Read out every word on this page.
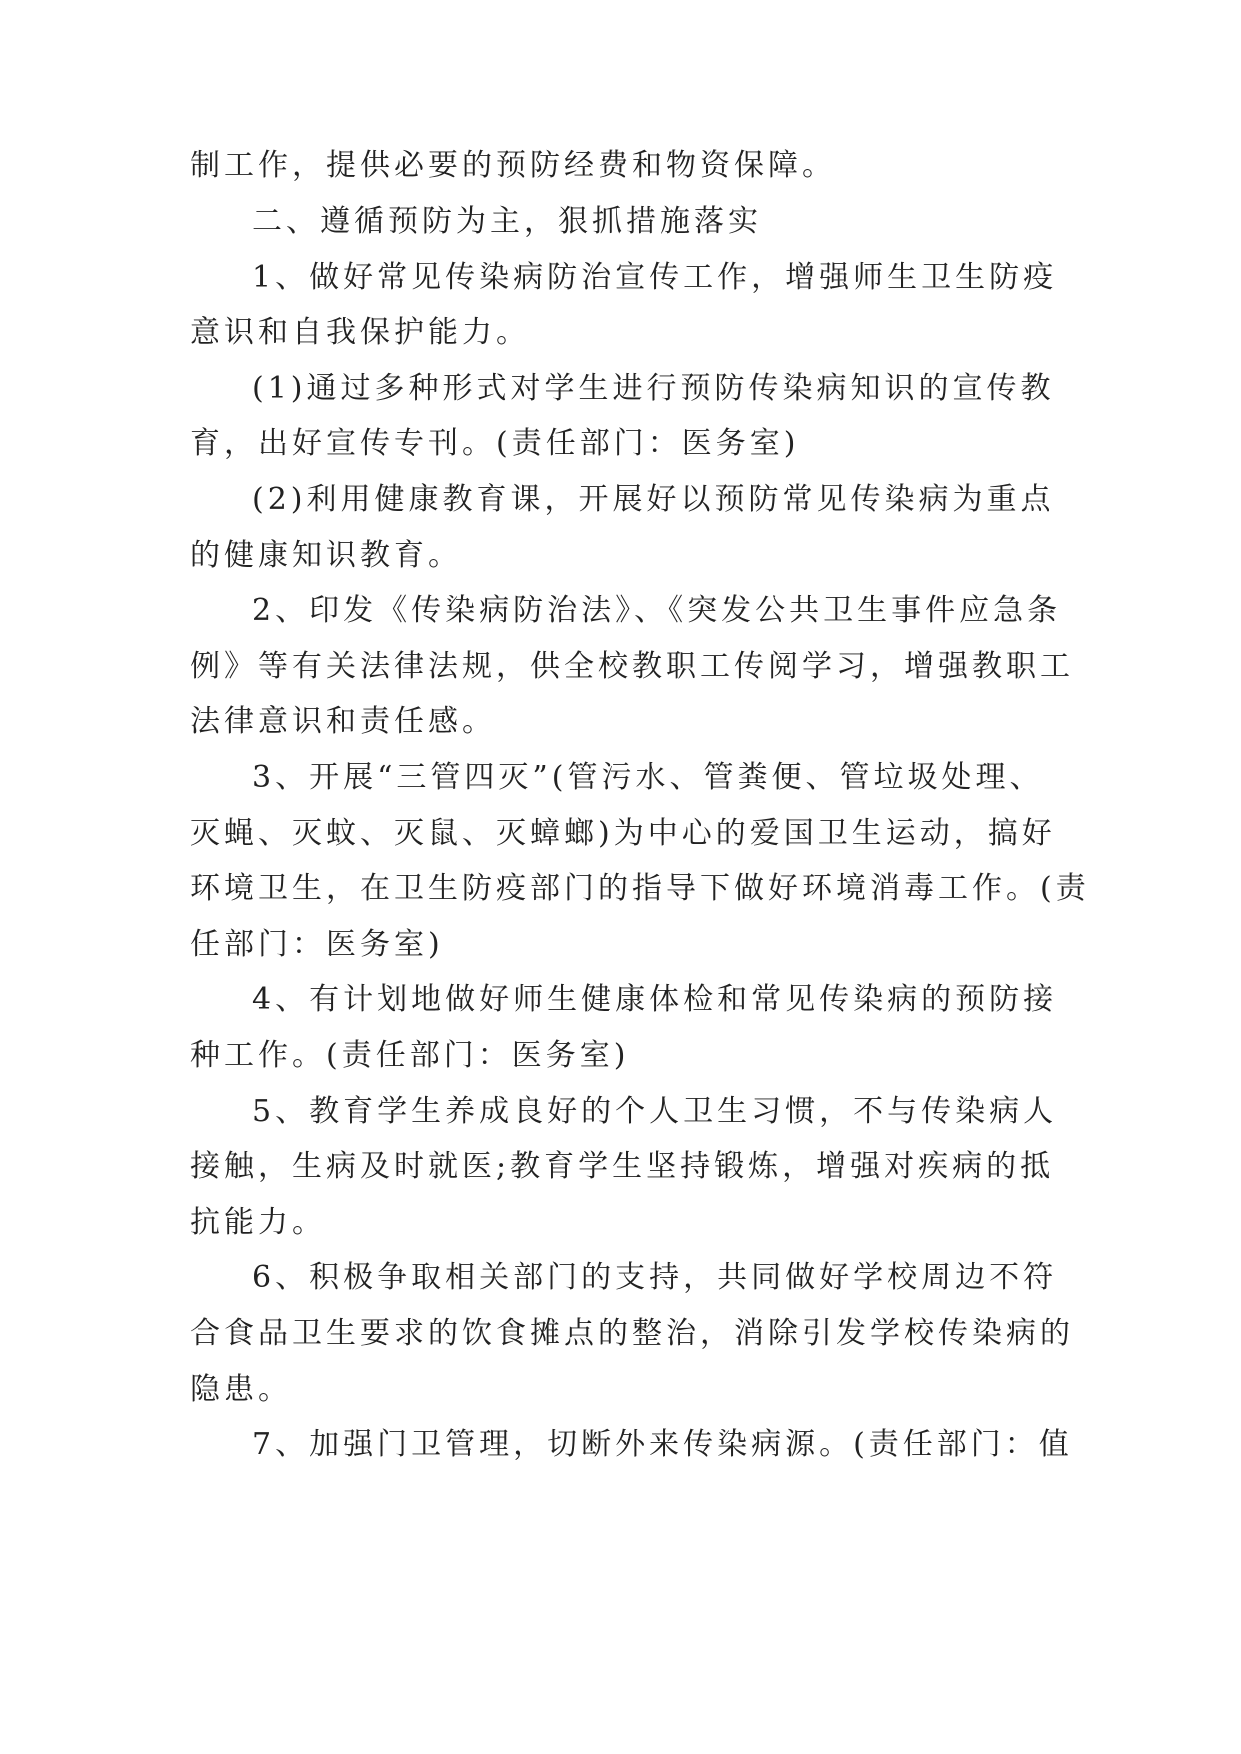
制工作，提供必要的预防经费和物资保障。
二、遵循预防为主，狠抓措施落实
1、做好常见传染病防治宣传工作，增强师生卫生防疫
意识和自我保护能力。
(1)通过多种形式对学生进行预防传染病知识的宣传教
育，出好宣传专刊。(责任部门：医务室)
(2)利用健康教育课，开展好以预防常见传染病为重点
的健康知识教育。
2、印发《传染病防治法》、《突发公共卫生事件应急条
例》等有关法律法规，供全校教职工传阅学习，增强教职工
法律意识和责任感。
3、开展“三管四灭”(管污水、管粪便、管垃圾处理、
灭蝇、灭蚊、灭鼠、灭蟑螂)为中心的爱国卫生运动，搞好
环境卫生，在卫生防疫部门的指导下做好环境消毒工作。(责
任部门：医务室)
4、有计划地做好师生健康体检和常见传染病的预防接
种工作。(责任部门：医务室)
5、教育学生养成良好的个人卫生习惯，不与传染病人
接触，生病及时就医;教育学生坚持锻炼，增强对疾病的抵
抗能力。
6、积极争取相关部门的支持，共同做好学校周边不符
合食品卫生要求的饮食摊点的整治，消除引发学校传染病的
隐患。
7、加强门卫管理，切断外来传染病源。(责任部门：值
